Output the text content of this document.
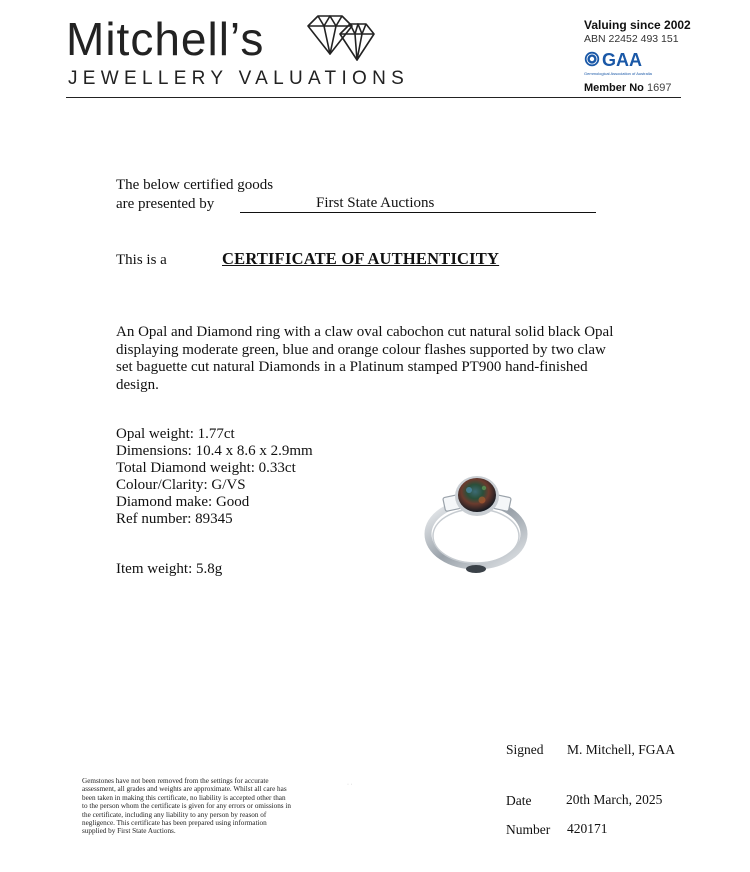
Mitchell’s
JEWELLERY VALUATIONS
Valuing since 2002
ABN 22452 493 151
GAA
Gemmological Association of Australia
Member No 1697
The below certified goods
are presented by	First State Auctions
This is a	CERTIFICATE OF AUTHENTICITY
An Opal and Diamond ring with a claw oval cabochon cut natural solid black Opal displaying moderate green, blue and orange colour flashes supported by two claw set baguette cut natural Diamonds in a Platinum stamped PT900 hand-finished design.
Opal weight: 1.77ct
Dimensions: 10.4 x 8.6 x 2.9mm
Total Diamond weight: 0.33ct
Colour/Clarity: G/VS
Diamond make: Good
Ref number: 89345
Item weight: 5.8g
Signed M. Mitchell, FGAA
Date	20th March, 2025
Number 420171
· ·
Gemstones have not been removed from the settings for accurate assessment, all grades and weights are approximate. Whilst all care has been taken in making this certificate, no liability is accepted other than to the person whom the certificate is given for any errors or omissions in the certificate, including any liability to any person by reason of negligence. This certificate has been prepared using information supplied by First State Auctions.
